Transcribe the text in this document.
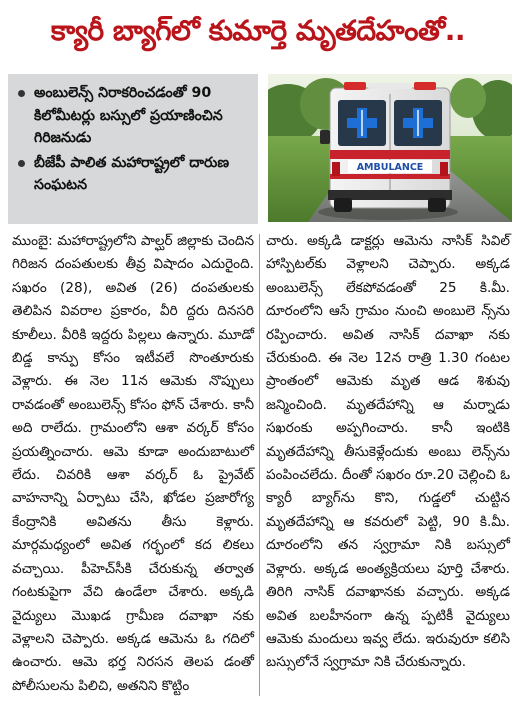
క్యారీ బ్యాగ్‌లో కుమార్తె మృతదేహంతో..
అంబులెన్స్ నిరాకరించడంతో 90 కిలోమీటర్లు బస్సులో ప్రయాణించిన గిరిజనుడు
బీజేపీ పాలిత మహారాష్ట్రలో దారుణ సంఘటన
AMBULANCE

ముంబై: మహారాష్ట్రలోని పాల్ఘర్ జిల్లాకు చెందిన గిరిజన దంపతులకు తీవ్ర విషాదం ఎదురైంది. సఖరం (28), అవిత (26) దంపతులకు తెలిపిన వివరాల ప్రకారం, వీరి ద్దరు దినసరి కూలీలు. వీరికి ఇద్దరు పిల్లలు ఉన్నారు. మూడో బిడ్డ కాన్పు కోసం ఇటీవలే సొంతూరుకు వెళ్లారు. ఈ నెల 11న ఆమెకు నొప్పులు రావడంతో అంబులెన్స్ కోసం ఫోన్ చేశారు. కానీ అది రాలేదు. గ్రామంలోని ఆశా వర్కర్ కోసం ప్రయత్నించారు. ఆమె కూడా అందుబాటులో లేదు. చివరికి ఆశా వర్కర్ ఓ ప్రైవేట్ వాహనాన్ని ఏర్పాటు చేసి, ఖోడల ప్రజారోగ్య కేంద్రానికి అవితను తీసు కెళ్లారు. మార్గమధ్యంలో అవిత గర్భంలో కద లికలు వచ్చాయి. పీహెచ్‌సీకి చేరుకున్న తర్వాత గంటకుపైగా వేచి ఉండేలా చేశారు. అక్కడి వైద్యులు మొఖడ గ్రామీణ దవాఖా నకు వెళ్లాలని చెప్పారు. అక్కడ ఆమెను ఓ గదిలో ఉంచారు. ఆమె భర్త నిరసన తెలప డంతో పోలీసులను పిలిచి, అతనిని కొట్టిం

చారు. అక్కడి డాక్టర్లు ఆమెను నాసిక్ సివిల్ హాస్పిటల్‌కు వెళ్లాలని చెప్పారు. అక్కడ అంబులెన్స్ లేకపోవడంతో 25 కి.మీ. దూరంలోని ఆసే గ్రామం నుంచి అంబులె న్స్‌ను రప్పించారు. అవిత నాసిక్ దవాఖా నకు చేరుకుంది. ఈ నెల 12న రాత్రి 1.30 గంటల ప్రాంతంలో ఆమెకు మృత ఆడ శిశువు జన్మించింది. మృతదేహాన్ని ఆ మర్నాడు సఖరంకు అప్పగించారు. కానీ ఇంటికి మృతదేహాన్ని తీసుకెళ్లేందుకు అంబు లెన్స్‌ను పంపించలేదు. దీంతో సఖరం రూ.20 చెల్లించి ఓ క్యారీ బ్యాగ్‌ను కొని, గుడ్డలో చుట్టిన మృతదేహాన్ని ఆ కవరులో పెట్టి, 90 కి.మీ. దూరంలోని తన స్వగ్రామా నికి బస్సులో వెళ్లారు. అక్కడ అంత్యక్రియలు పూర్తి చేశారు. తిరిగి నాసిక్ దవాఖానకు వచ్చారు. అక్కడ అవిత బలహీనంగా ఉన్న ప్పటికీ వైద్యులు ఆమెకు మందులు ఇవ్వ లేదు. ఇరువురూ కలిసి బస్సులోనే స్వగ్రామా నికి చేరుకున్నారు.
